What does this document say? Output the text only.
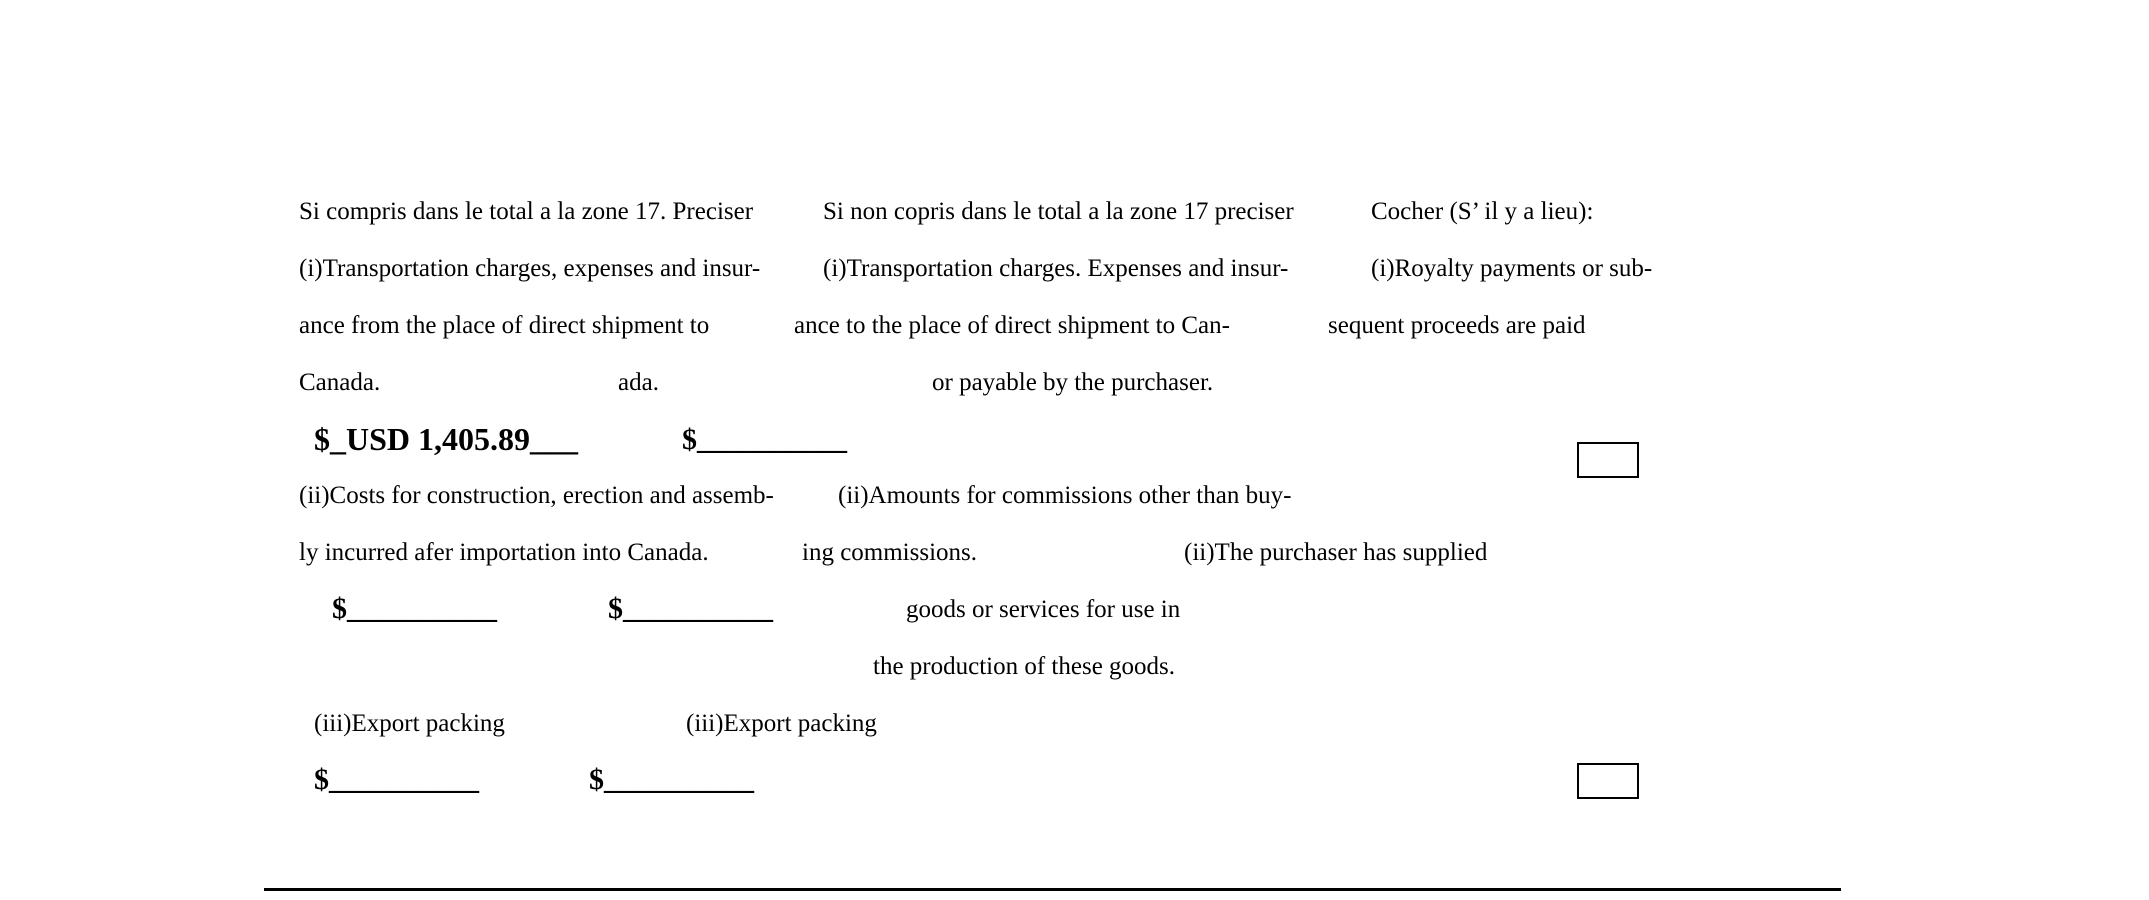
Si compris dans le total a la zone 17. Preciser	Si non copris dans le total a la zone 17 preciser	Cocher (S’ il y a lieu):
(i)Transportation charges, expenses and insur-	(i)Transportation charges. Expenses and insur-	(i)Royalty payments or sub-
ance from the place of direct shipment to	ance to the place of direct shipment to Can-	sequent proceeds are paid
Canada.	ada.	or payable by the purchaser.
$_USD 1,405.89___	$__________
(ii)Costs for construction, erection and assemb-	(ii)Amounts for commissions other than buy-
ly incurred afer importation into Canada.	ing commissions.	(ii)The purchaser has supplied
$__________	$__________	goods or services for use in
the production of these goods.
(iii)Export packing	(iii)Export packing
$__________	$__________
